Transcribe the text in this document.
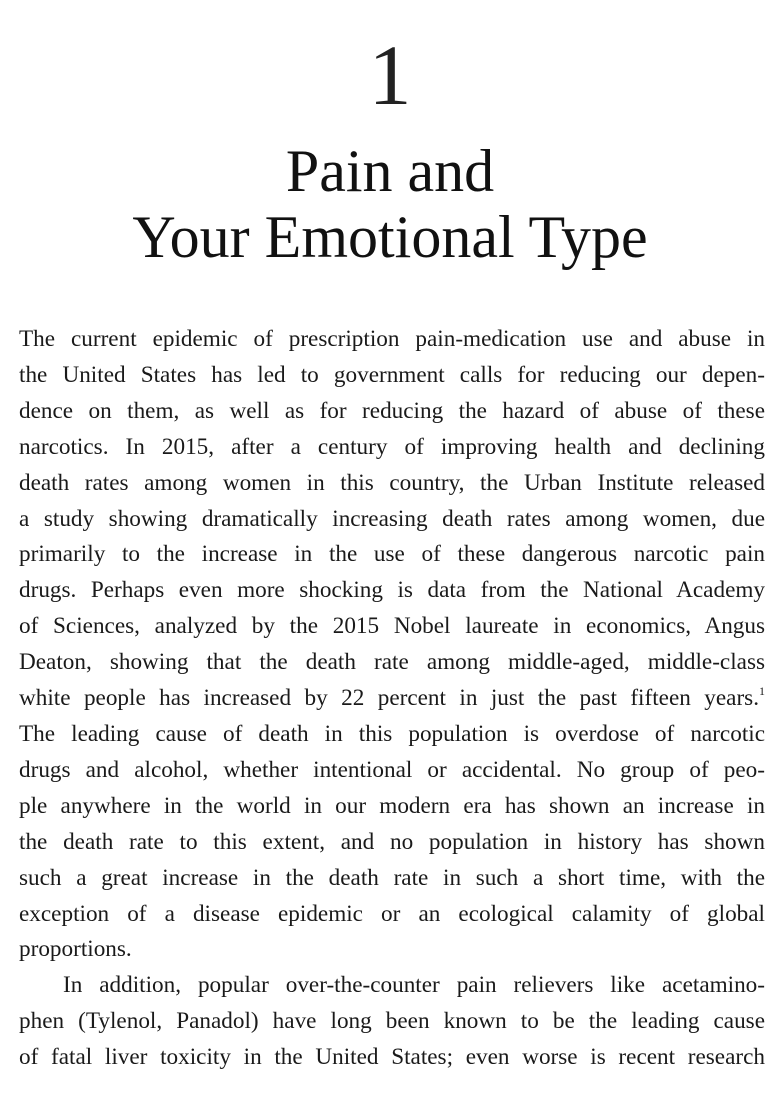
1
Pain and
Your Emotional Type
The current epidemic of prescription pain-medication use and abuse in
the United States has led to government calls for reducing our depen-
dence on them, as well as for reducing the hazard of abuse of these
narcotics. In 2015, after a century of improving health and declining
death rates among women in this country, the Urban Institute released
a study showing dramatically increasing death rates among women, due
primarily to the increase in the use of these dangerous narcotic pain
drugs. Perhaps even more shocking is data from the National Academy
of Sciences, analyzed by the 2015 Nobel laureate in economics, Angus
Deaton, showing that the death rate among middle-aged, middle-class
white people has increased by 22 percent in just the past fifteen years.$^1$
The leading cause of death in this population is overdose of narcotic
drugs and alcohol, whether intentional or accidental. No group of peo-
ple anywhere in the world in our modern era has shown an increase in
the death rate to this extent, and no population in history has shown
such a great increase in the death rate in such a short time, with the
exception of a disease epidemic or an ecological calamity of global
proportions.
In addition, popular over-the-counter pain relievers like acetamino-
phen (Tylenol, Panadol) have long been known to be the leading cause
of fatal liver toxicity in the United States; even worse is recent research
